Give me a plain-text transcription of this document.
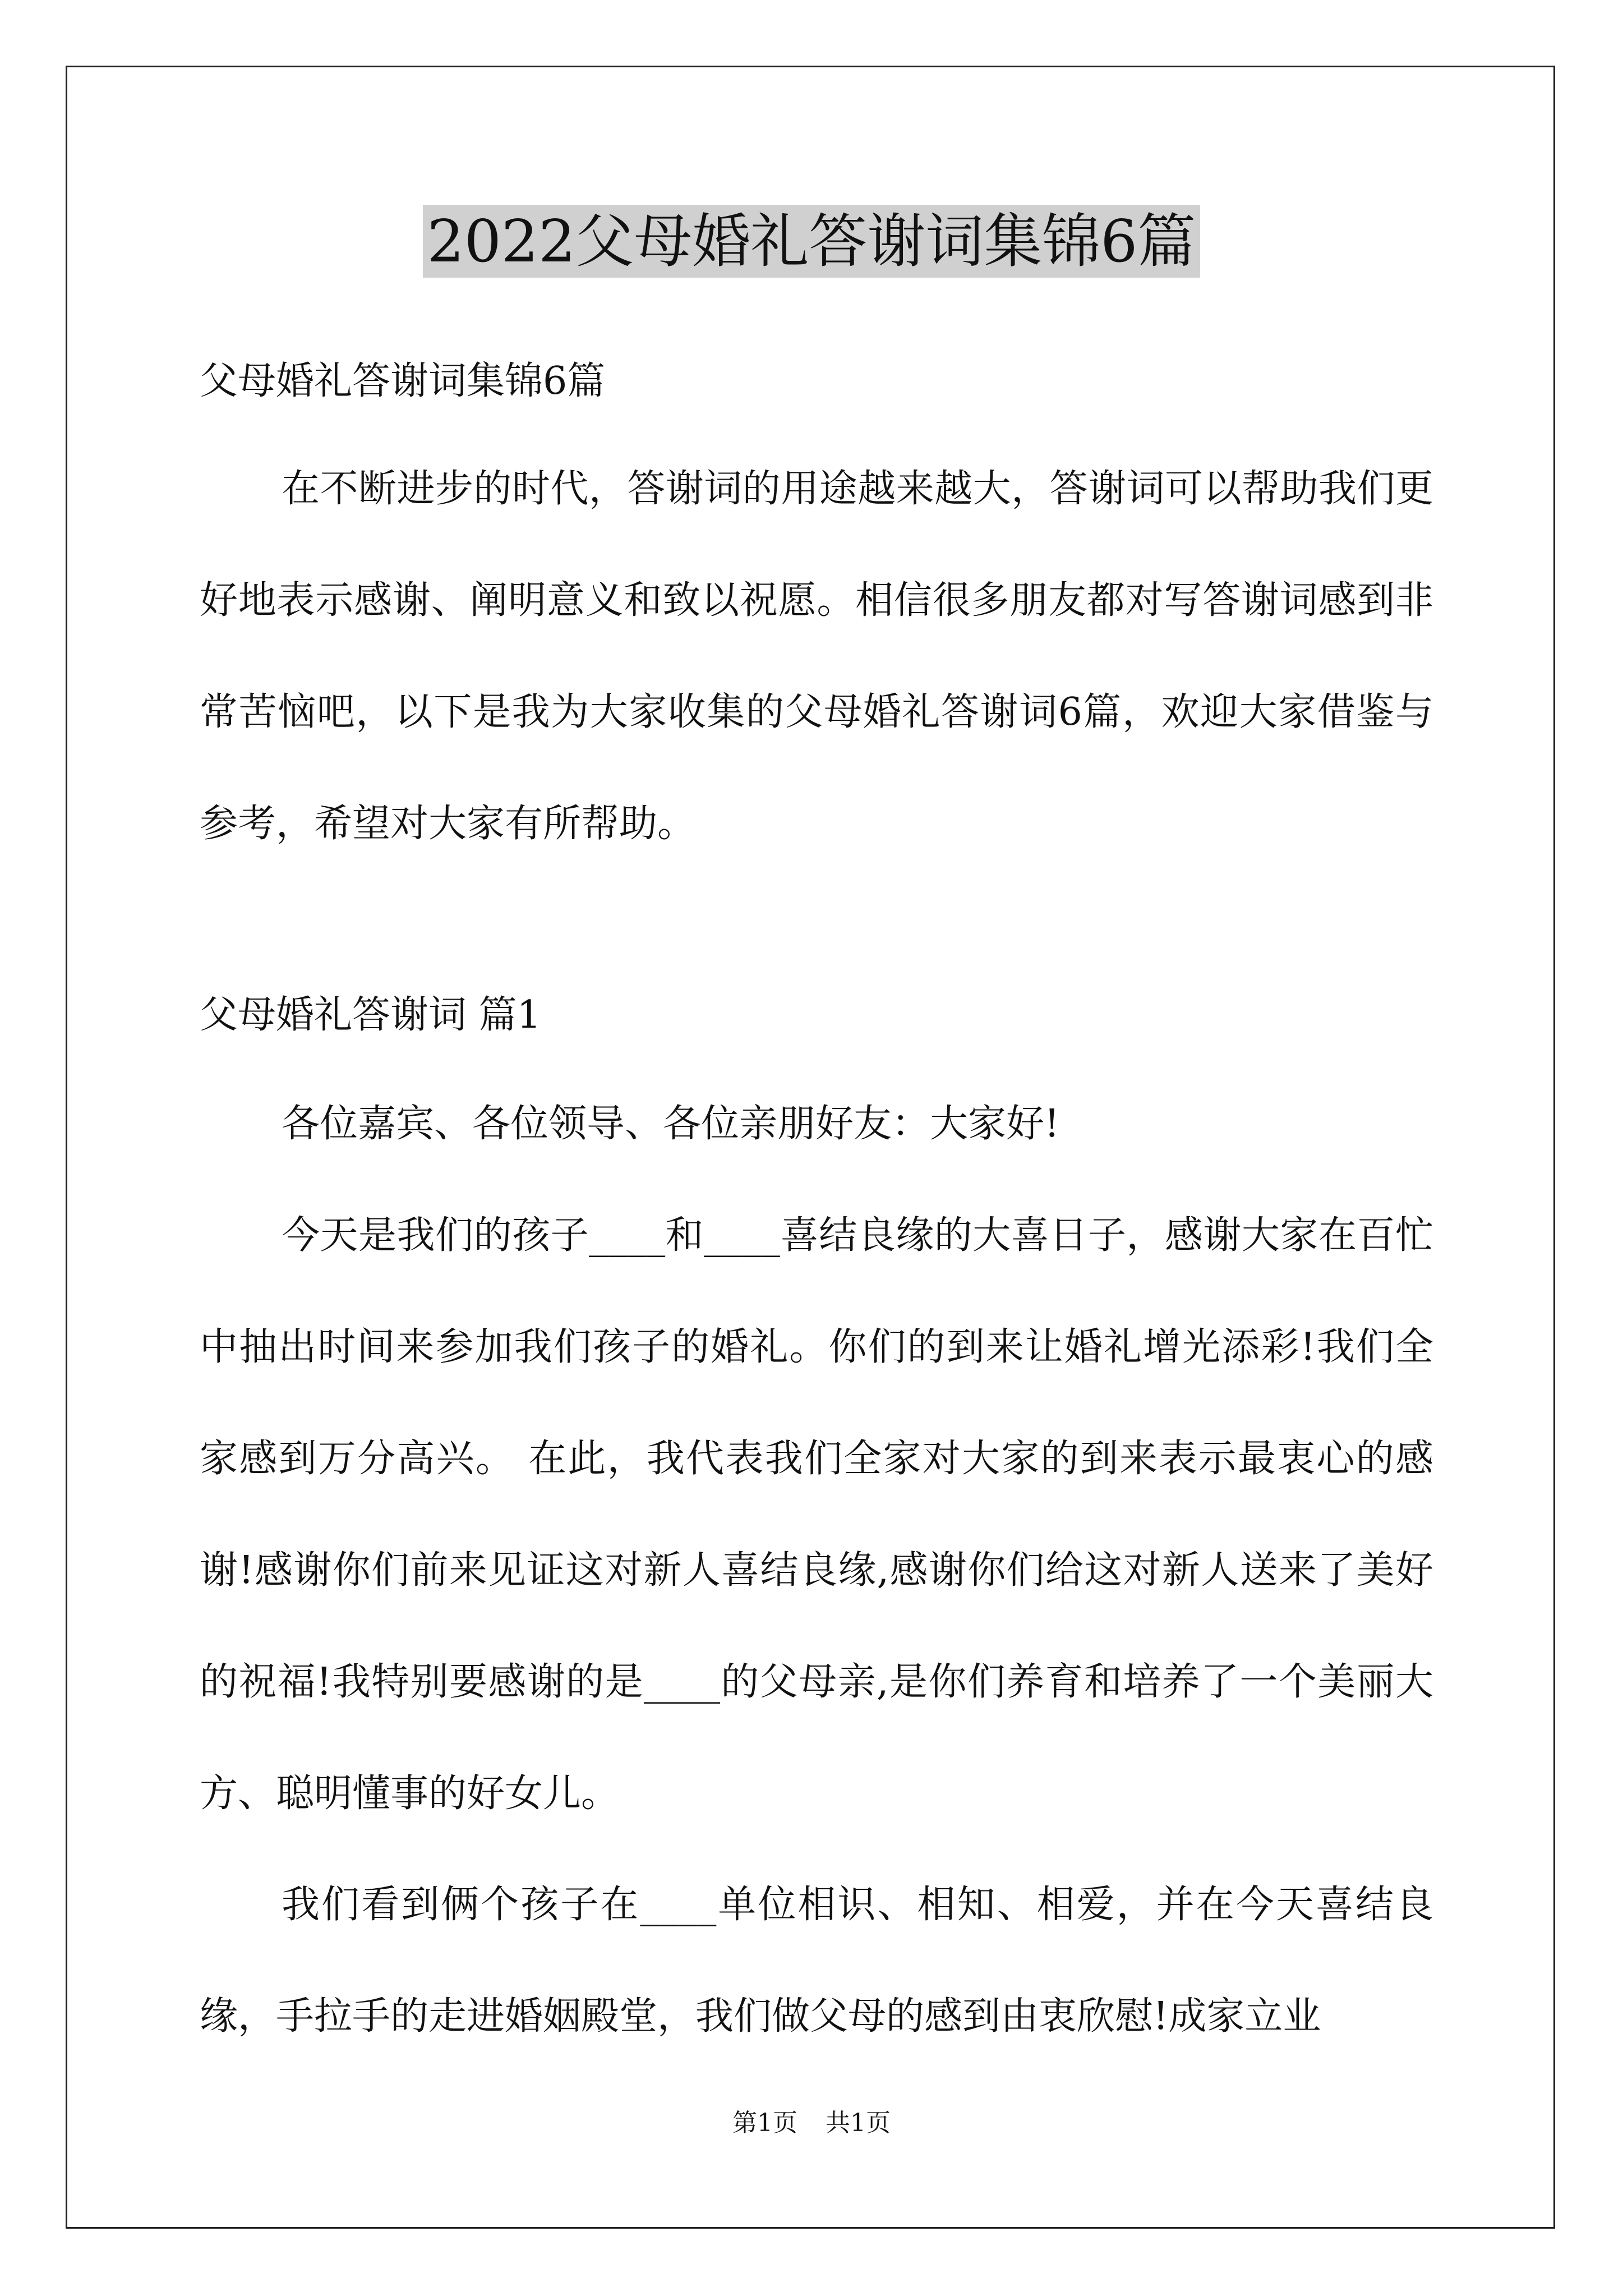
2022父母婚礼答谢词集锦6篇

父母婚礼答谢词集锦6篇

在不断进步的时代，答谢词的用途越来越大，答谢词可以帮助我们更好地表示感谢、阐明意义和致以祝愿。相信很多朋友都对写答谢词感到非常苦恼吧，以下是我为大家收集的父母婚礼答谢词6篇，欢迎大家借鉴与参考，希望对大家有所帮助。

父母婚礼答谢词 篇1

各位嘉宾、各位领导、各位亲朋好友：大家好!

今天是我们的孩子____和____喜结良缘的大喜日子，感谢大家在百忙中抽出时间来参加我们孩子的婚礼。你们的到来让婚礼增光添彩!我们全家感到万分高兴。 在此，我代表我们全家对大家的到来表示最衷心的感谢!感谢你们前来见证这对新人喜结良缘,感谢你们给这对新人送来了美好的祝福!我特别要感谢的是____的父母亲,是你们养育和培养了一个美丽大方、聪明懂事的好女儿。

我们看到俩个孩子在____单位相识、相知、相爱，并在今天喜结良缘，手拉手的走进婚姻殿堂，我们做父母的感到由衷欣慰!成家立业

第1页 共1页
